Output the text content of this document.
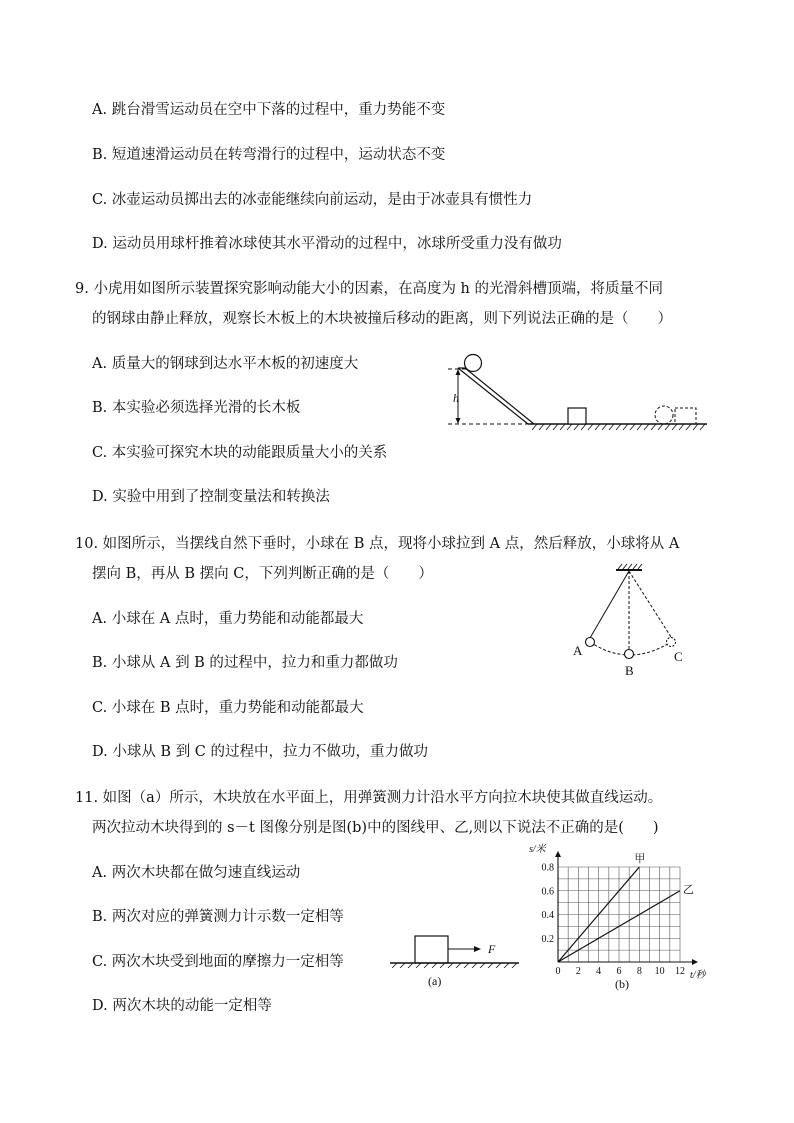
A. 跳台滑雪运动员在空中下落的过程中，重力势能不变
B. 短道速滑运动员在转弯滑行的过程中，运动状态不变
C. 冰壶运动员掷出去的冰壶能继续向前运动，是由于冰壶具有惯性力
D. 运动员用球杆推着冰球使其水平滑动的过程中，冰球所受重力没有做功
9. 小虎用如图所示装置探究影响动能大小的因素，在高度为 h 的光滑斜槽顶端，将质量不同
的钢球由静止释放，观察长木板上的木块被撞后移动的距离，则下列说法正确的是（　　）
A. 质量大的钢球到达水平木板的初速度大
B. 本实验必须选择光滑的长木板
C. 本实验可探究木块的动能跟质量大小的关系
D. 实验中用到了控制变量法和转换法
h
10. 如图所示，当摆线自然下垂时，小球在 B 点，现将小球拉到 A 点，然后释放，小球将从 A
摆向 B，再从 B 摆向 C，下列判断正确的是（　　）
A. 小球在 A 点时，重力势能和动能都最大
B. 小球从 A 到 B 的过程中，拉力和重力都做功
C. 小球在 B 点时，重力势能和动能都最大
D. 小球从 B 到 C 的过程中，拉力不做功，重力做功
A
B
C
11. 如图（a）所示，木块放在水平面上，用弹簧测力计沿水平方向拉木块使其做直线运动。
两次拉动木块得到的 s－t 图像分别是图(b)中的图线甲、乙,则以下说法不正确的是(　　)
A. 两次木块都在做匀速直线运动
B. 两次对应的弹簧测力计示数一定相等
C. 两次木块受到地面的摩擦力一定相等
D. 两次木块的动能一定相等
F
(a)
0 2 4 6 8 10 12
0.2
0.4
0.6
0.8
甲
乙
s/米
t/秒
(b)
